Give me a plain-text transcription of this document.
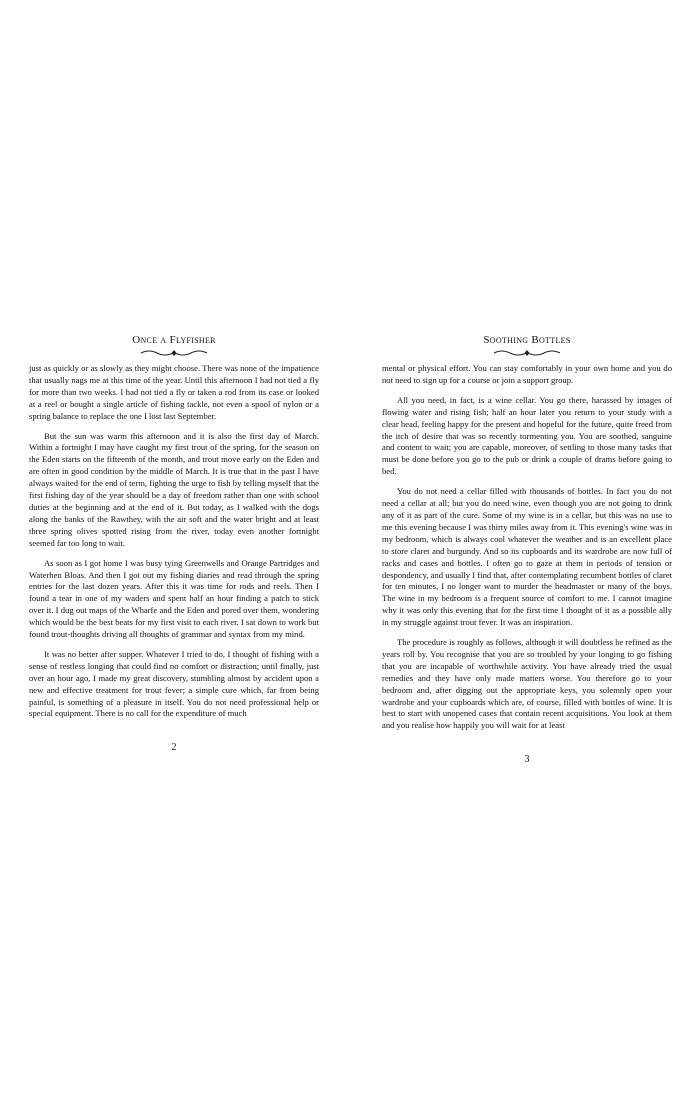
Once a Flyfisher

just as quickly or as slowly as they might choose. There was none of the impatience that usually nags me at this time of the year. Until this afternoon I had not tied a fly for more than two weeks. I had not tied a fly or taken a rod from its case or looked at a reel or bought a single article of fishing tackle, not even a spool of nylon or a spring balance to replace the one I lost last September.

But the sun was warm this afternoon and it is also the first day of March. Within a fortnight I may have caught my first trout of the spring, for the season on the Eden starts on the fifteenth of the month, and trout move early on the Eden and are often in good condition by the middle of March. It is true that in the past I have always waited for the end of term, fighting the urge to fish by telling myself that the first fishing day of the year should be a day of freedom rather than one with school duties at the beginning and at the end of it. But today, as I walked with the dogs along the banks of the Rawthey, with the air soft and the water bright and at least three spring olives spotted rising from the river, today even another fortnight seemed far too long to wait.

As soon as I got home I was busy tying Greenwells and Orange Partridges and Waterhen Bloas. And then I got out my fishing diaries and read through the spring entries for the last dozen years. After this it was time for rods and reels. Then I found a tear in one of my waders and spent half an hour finding a patch to stick over it. I dug out maps of the Wharfe and the Eden and pored over them, wondering which would be the best beats for my first visit to each river. I sat down to work but found trout-thoughts driving all thoughts of grammar and syntax from my mind.

It was no better after supper. Whatever I tried to do, I thought of fishing with a sense of restless longing that could find no comfort or distraction; until finally, just over an hour ago, I made my great discovery, stumbling almost by accident upon a new and effective treatment for trout fever; a simple cure which, far from being painful, is something of a pleasure in itself. You do not need professional help or special equipment. There is no call for the expenditure of much

2
Soothing Bottles

mental or physical effort. You can stay comfortably in your own home and you do not need to sign up for a course or join a support group.

All you need, in fact, is a wine cellar. You go there, harassed by images of flowing water and rising fish; half an hour later you return to your study with a clear head, feeling happy for the present and hopeful for the future, quite freed from the itch of desire that was so recently tormenting you. You are soothed, sanguine and content to wait; you are capable, moreover, of settling to those many tasks that must be done before you go to the pub or drink a couple of drams before going to bed.

You do not need a cellar filled with thousands of bottles. In fact you do not need a cellar at all; but you do need wine, even though you are not going to drink any of it as part of the cure. Some of my wine is in a cellar, but this was no use to me this evening because I was thirty miles away from it. This evening's wine was in my bedroom, which is always cool whatever the weather and is an excellent place to store claret and burgundy. And so its cupboards and its wardrobe are now full of racks and cases and bottles. I often go to gaze at them in periods of tension or despondency, and usually I find that, after contemplating recumbent bottles of claret for ten minutes, I no longer want to murder the headmaster or many of the boys. The wine in my bedroom is a frequent source of comfort to me. I cannot imagine why it was only this evening that for the first time I thought of it as a possible ally in my struggle against trout fever. It was an inspiration.

The procedure is roughly as follows, although it will doubtless be refined as the years roll by. You recognise that you are so troubled by your longing to go fishing that you are incapable of worthwhile activity. You have already tried the usual remedies and they have only made matters worse. You therefore go to your bedroom and, after digging out the appropriate keys, you solemnly open your wardrobe and your cupboards which are, of course, filled with bottles of wine. It is best to start with unopened cases that contain recent acquisitions. You look at them and you realise how happily you will wait for at least

3
